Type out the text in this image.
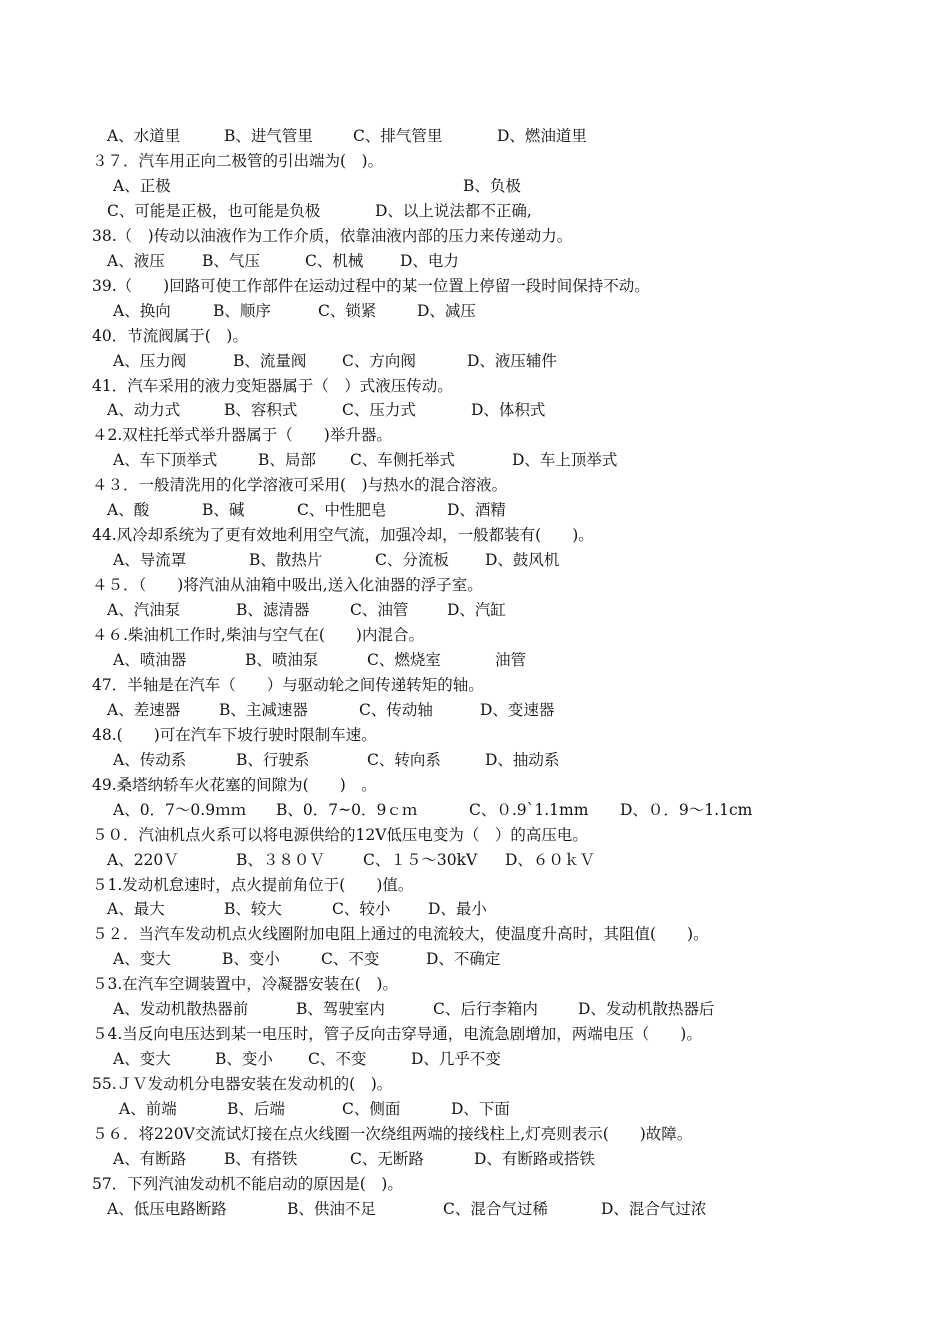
A、水道里	B、进气管里	C、排气管里	D、燃油道里
３７．汽车用正向二极管的引出端为(　)。
A、正极	B、负极
C、可能是正极，也可能是负极	D、以上说法都不正确,
38.（　)传动以油液作为工作介质，依靠油液内部的压力来传递动力。
A、液压 B、气压	C、机械 D、电力
39.（　　)回路可使工作部件在运动过程中的某一位置上停留一段时间保持不动。
A、换向	B、顺序	C、锁紧	D、减压
40．节流阀属于(　)。
A、压力阀	B、流量阀 C、方向阀	D、液压辅件
41．汽车采用的液力变矩器属于（　）式液压传动。
A、动力式	B、容积式	C、压力式	D、体积式
４2.双柱托举式举升器属于（　　)举升器。
A、车下顶举式	B、局部 C、车侧托举式	D、车上顶举式
４３．一般清洗用的化学溶液可采用(　)与热水的混合溶液。
A、酸	B、碱	C、中性肥皂	D、酒精
44.风冷却系统为了更有效地利用空气流，加强冷却，一般都装有(　　)。
A、导流罩	B、散热片	C、分流板 D、鼓风机
４５．（　　)将汽油从油箱中吸出,送入化油器的浮子室。
A、汽油泵	B、滤清器	C、油管 D、汽缸
４６.柴油机工作时,柴油与空气在(　　)内混合。
A、喷油器	B、喷油泵	C、燃烧室	油管
47．半轴是在汽车（　　）与驱动轮之间传递转矩的轴。
A、差速器	B、主减速器	C、传动轴	D、变速器
48.(　　)可在汽车下坡行驶时限制车速。
A、传动系	B、行驶系	C、转向系	D、抽动系
49.桑塔纳轿车火花塞的间隙为(　　)　。
A、0．7～0.9ｍｍ B、0．7~0．9ｃｍ	C、０.9`1.1mm D、０．9～1.1cm
５０．汽油机点火系可以将电源供给的12V低压电变为（　）的高压电。
A、220Ｖ	B、３８０Ｖ C、１５～30kV D、６０ｋＶ
５1.发动机怠速时，点火提前角位于(　　)值。
A、最大	B、较大	C、较小 D、最小
５２．当汽车发动机点火线圈附加电阻上通过的电流较大，使温度升高时，其阻值(　　)。
A、变大	B、变小	C、不变	D、不确定
５3.在汽车空调装置中，冷凝器安装在(　)。
A、发动机散热器前	B、驾驶室内	C、后行李箱内	D、发动机散热器后
５4.当反向电压达到某一电压时，管子反向击穿导通，电流急剧增加，两端电压（　　)。
A、变大	B、变小 C、不变	D、几乎不变
55.ＪＶ发动机分电器安装在发动机的(　)。
A、前端	B、后端	C、侧面	D、下面
５６．将220V交流试灯接在点火线圈一次绕组两端的接线柱上,灯亮则表示(　　)故障。
A、有断路 B、有搭铁	C、无断路	D、有断路或搭铁
57．下列汽油发动机不能启动的原因是(　)。
A、低压电路断路	B、供油不足	C、混合气过稀	D、混合气过浓
